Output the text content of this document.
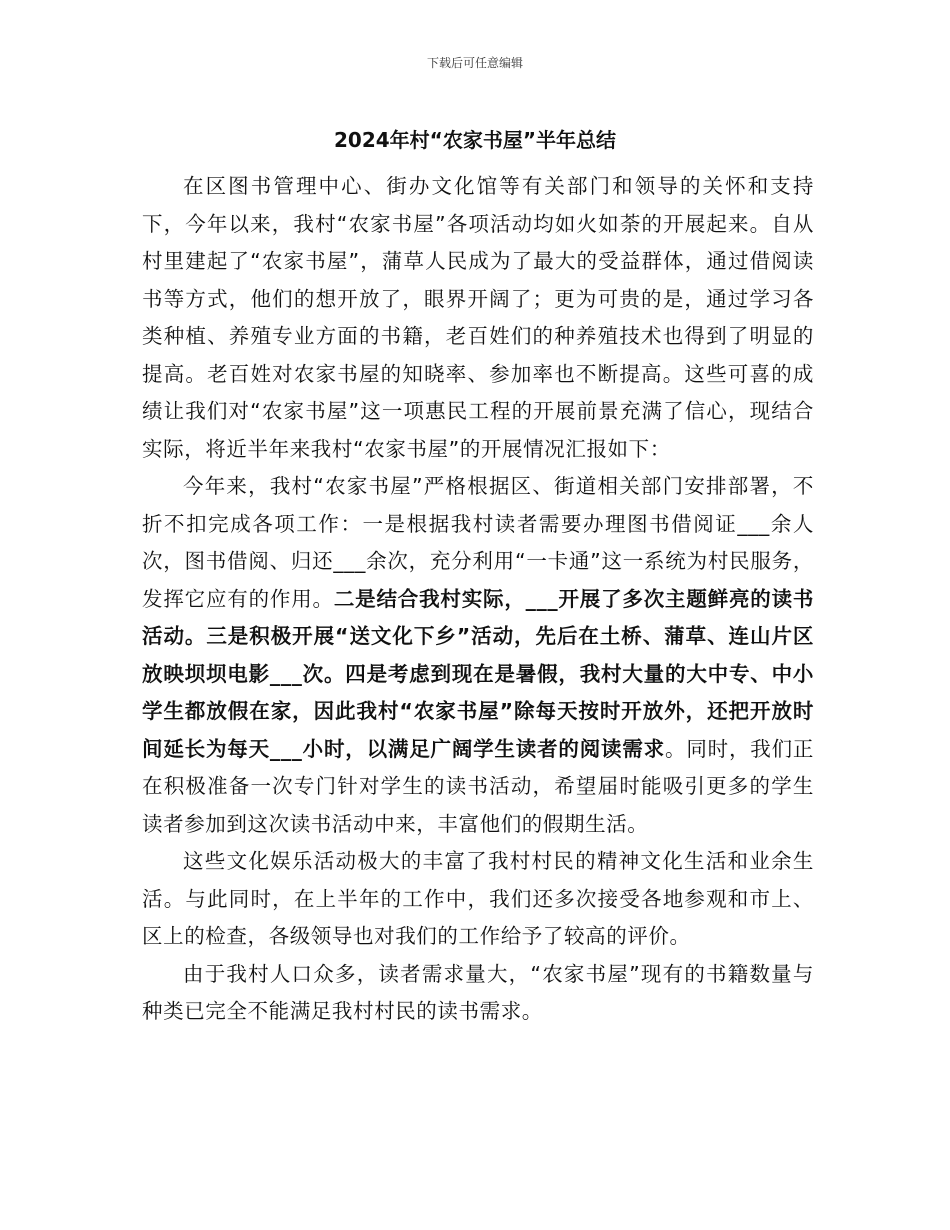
下载后可任意编辑
2024年村“农家书屋”半年总结

在区图书管理中心、街办文化馆等有关部门和领导的关怀和支持下，今年以来，我村“农家书屋”各项活动均如火如荼的开展起来。自从村里建起了“农家书屋”，蒲草人民成为了最大的受益群体，通过借阅读书等方式，他们的想开放了，眼界开阔了；更为可贵的是，通过学习各类种植、养殖专业方面的书籍，老百姓们的种养殖技术也得到了明显的提高。老百姓对农家书屋的知晓率、参加率也不断提高。这些可喜的成绩让我们对“农家书屋”这一项惠民工程的开展前景充满了信心，现结合实际，将近半年来我村“农家书屋”的开展情况汇报如下：

今年来，我村“农家书屋”严格根据区、街道相关部门安排部署，不折不扣完成各项工作：一是根据我村读者需要办理图书借阅证___余人次，图书借阅、归还___余次，充分利用“一卡通”这一系统为村民服务，发挥它应有的作用。二是结合我村实际，___开展了多次主题鲜亮的读书活动。三是积极开展“送文化下乡”活动，先后在土桥、蒲草、连山片区放映坝坝电影___次。四是考虑到现在是暑假，我村大量的大中专、中小学生都放假在家，因此我村“农家书屋”除每天按时开放外，还把开放时间延长为每天___小时，以满足广阔学生读者的阅读需求。同时，我们正在积极准备一次专门针对学生的读书活动，希望届时能吸引更多的学生读者参加到这次读书活动中来，丰富他们的假期生活。

这些文化娱乐活动极大的丰富了我村村民的精神文化生活和业余生活。与此同时，在上半年的工作中，我们还多次接受各地参观和市上、区上的检查，各级领导也对我们的工作给予了较高的评价。

由于我村人口众多，读者需求量大，“农家书屋”现有的书籍数量与种类已完全不能满足我村村民的读书需求。
